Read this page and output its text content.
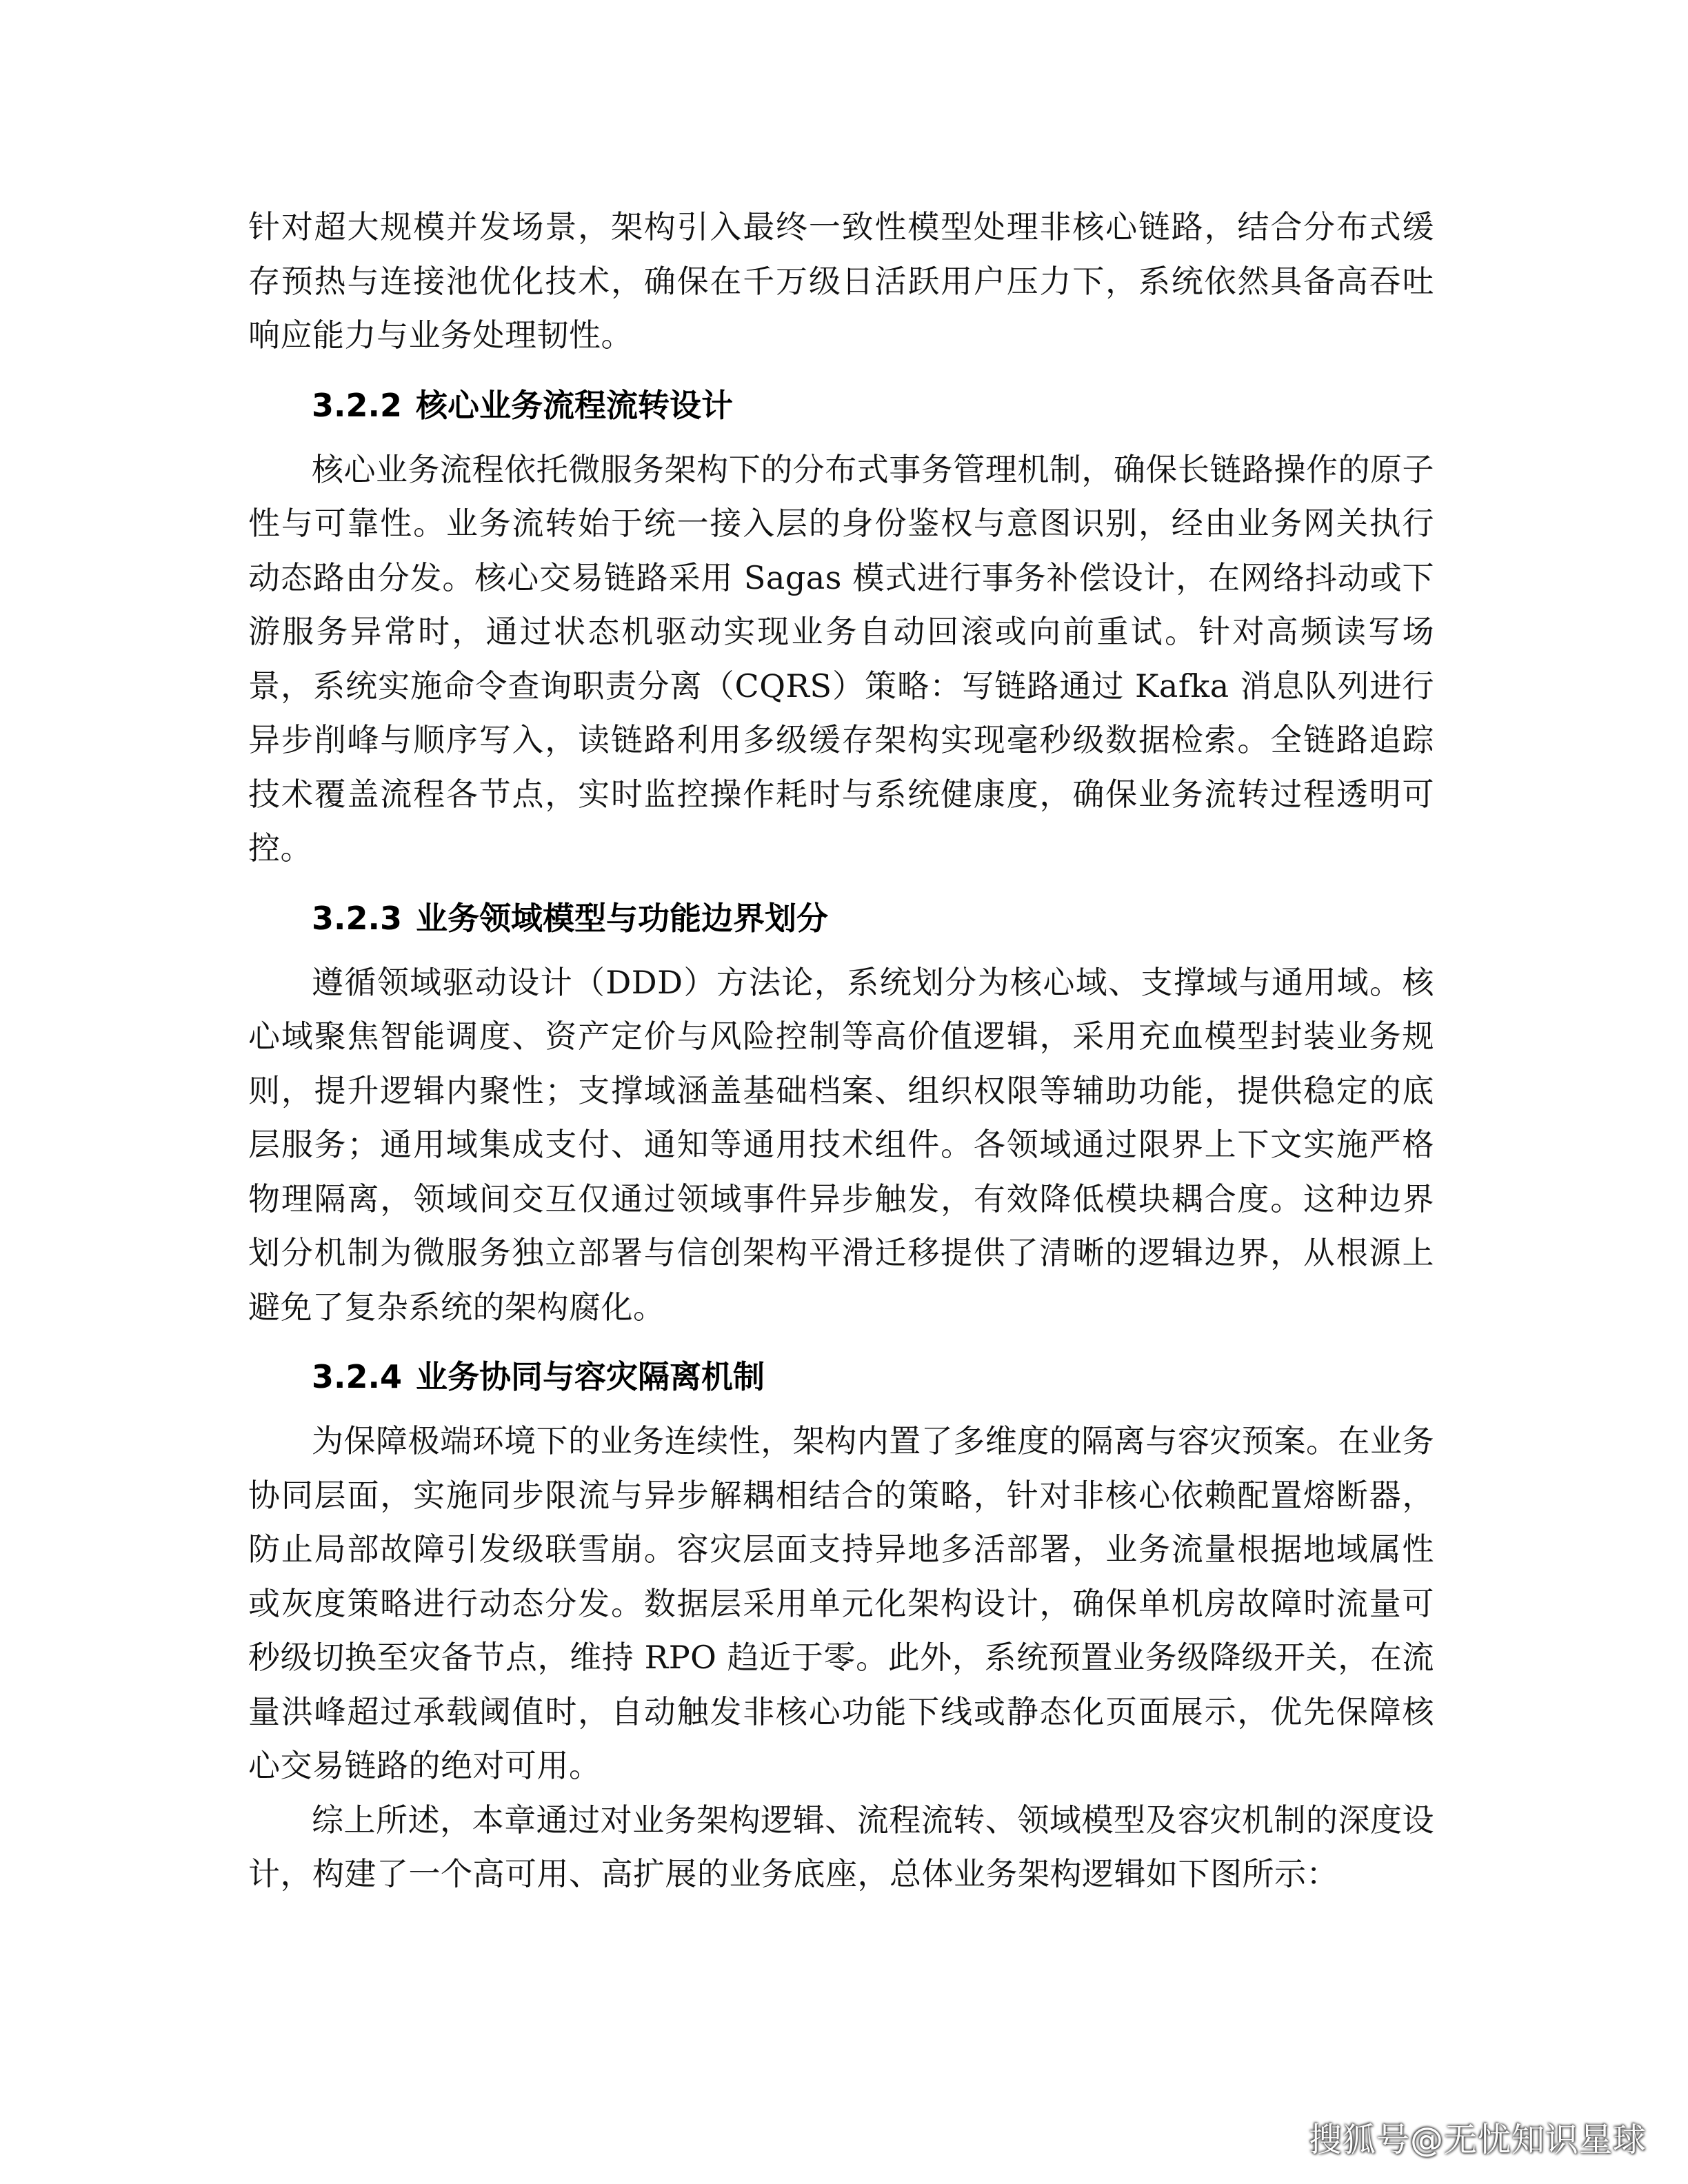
针对超大规模并发场景，架构引入最终一致性模型处理非核心链路，结合分布式缓存预热与连接池优化技术，确保在千万级日活跃用户压力下，系统依然具备高吞吐响应能力与业务处理韧性。

3.2.2 核心业务流程流转设计

核心业务流程依托微服务架构下的分布式事务管理机制，确保长链路操作的原子性与可靠性。业务流转始于统一接入层的身份鉴权与意图识别，经由业务网关执行动态路由分发。核心交易链路采用 Sagas 模式进行事务补偿设计，在网络抖动或下游服务异常时，通过状态机驱动实现业务自动回滚或向前重试。针对高频读写场景，系统实施命令查询职责分离（CQRS）策略：写链路通过 Kafka 消息队列进行异步削峰与顺序写入，读链路利用多级缓存架构实现毫秒级数据检索。全链路追踪技术覆盖流程各节点，实时监控操作耗时与系统健康度，确保业务流转过程透明可控。

3.2.3 业务领域模型与功能边界划分

遵循领域驱动设计（DDD）方法论，系统划分为核心域、支撑域与通用域。核心域聚焦智能调度、资产定价与风险控制等高价值逻辑，采用充血模型封装业务规则，提升逻辑内聚性；支撑域涵盖基础档案、组织权限等辅助功能，提供稳定的底层服务；通用域集成支付、通知等通用技术组件。各领域通过限界上下文实施严格物理隔离，领域间交互仅通过领域事件异步触发，有效降低模块耦合度。这种边界划分机制为微服务独立部署与信创架构平滑迁移提供了清晰的逻辑边界，从根源上避免了复杂系统的架构腐化。

3.2.4 业务协同与容灾隔离机制

为保障极端环境下的业务连续性，架构内置了多维度的隔离与容灾预案。在业务协同层面，实施同步限流与异步解耦相结合的策略，针对非核心依赖配置熔断器，防止局部故障引发级联雪崩。容灾层面支持异地多活部署，业务流量根据地域属性或灰度策略进行动态分发。数据层采用单元化架构设计，确保单机房故障时流量可秒级切换至灾备节点，维持 RPO 趋近于零。此外，系统预置业务级降级开关，在流量洪峰超过承载阈值时，自动触发非核心功能下线或静态化页面展示，优先保障核心交易链路的绝对可用。

综上所述，本章通过对业务架构逻辑、流程流转、领域模型及容灾机制的深度设计，构建了一个高可用、高扩展的业务底座，总体业务架构逻辑如下图所示：

搜狐号@无忧知识星球
